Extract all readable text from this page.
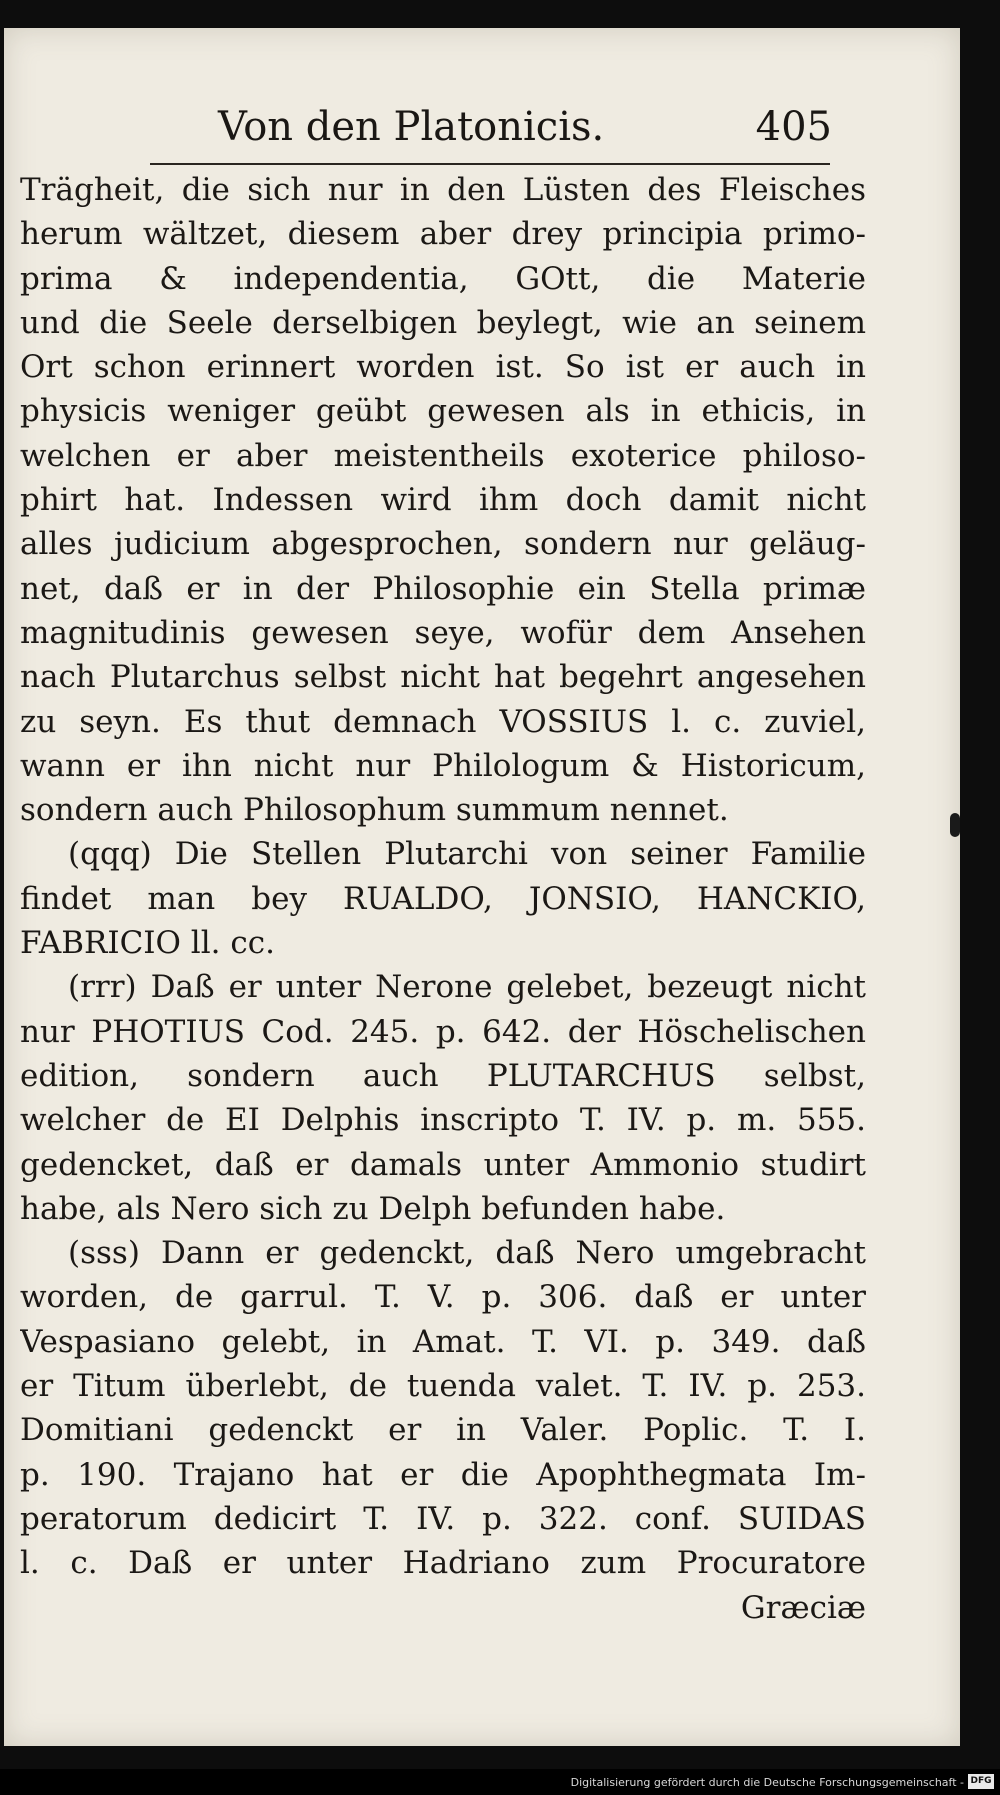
Von den Platonicis.	405
Trägheit, die sich nur in den Lüsten des Fleisches
herum wältzet, diesem aber drey principia primo-
prima & independentia, GOtt, die Materie
und die Seele derselbigen beylegt, wie an seinem
Ort schon erinnert worden ist. So ist er auch in
physicis weniger geübt gewesen als in ethicis, in
welchen er aber meistentheils exoterice philoso-
phirt hat. Indessen wird ihm doch damit nicht
alles judicium abgesprochen, sondern nur geläug-
net, daß er in der Philosophie ein Stella primæ
magnitudinis gewesen seye, wofür dem Ansehen
nach Plutarchus selbst nicht hat begehrt angesehen
zu seyn. Es thut demnach VOSSIUS l. c. zuviel,
wann er ihn nicht nur Philologum & Historicum,
sondern auch Philosophum summum nennet.
(qqq) Die Stellen Plutarchi von seiner Familie
findet man bey RUALDO, JONSIO, HANCKIO,
FABRICIO ll. cc.
(rrr) Daß er unter Nerone gelebet, bezeugt nicht
nur PHOTIUS Cod. 245. p. 642. der Höschelischen
edition, sondern auch PLUTARCHUS selbst,
welcher de EI Delphis inscripto T. IV. p. m. 555.
gedencket, daß er damals unter Ammonio studirt
habe, als Nero sich zu Delph befunden habe.
(sss) Dann er gedenckt, daß Nero umgebracht
worden, de garrul. T. V. p. 306. daß er unter
Vespasiano gelebt, in Amat. T. VI. p. 349. daß
er Titum überlebt, de tuenda valet. T. IV. p. 253.
Domitiani gedenckt er in Valer. Poplic. T. I.
p. 190. Trajano hat er die Apophthegmata Im-
peratorum dedicirt T. IV. p. 322. conf. SUIDAS
l. c. Daß er unter Hadriano zum Procuratore
Græciæ
Digitalisierung gefördert durch die Deutsche Forschungsgemeinschaft - DFG
